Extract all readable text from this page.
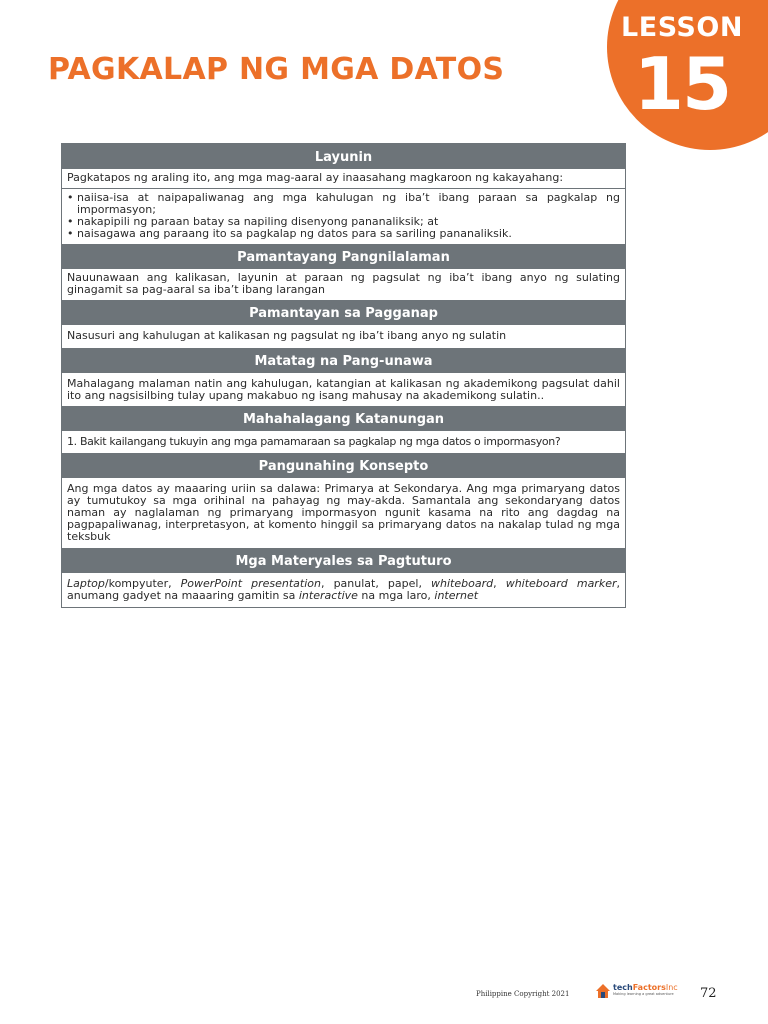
LESSON
15
PAGKALAP NG MGA DATOS
Layunin
Pagkatapos ng araling ito, ang mga mag-aaral ay inaasahang magkaroon ng kakayahang:
• naiisa-isa at naipapaliwanag ang mga kahulugan ng iba’t ibang paraan sa pagkalap ng impormasyon;
• nakapipili ng paraan batay sa napiling disenyong pananaliksik; at
• naisagawa ang paraang ito sa pagkalap ng datos para sa sariling pananaliksik.
Pamantayang Pangnilalaman
Nauunawaan ang kalikasan, layunin at paraan ng pagsulat ng iba’t ibang anyo ng sulating ginagamit sa pag-aaral sa iba’t ibang larangan
Pamantayan sa Pagganap
Nasusuri ang kahulugan at kalikasan ng pagsulat ng iba’t ibang anyo ng sulatin
Matatag na Pang-unawa
Mahalagang malaman natin ang kahulugan, katangian at kalikasan ng akademikong pagsulat dahil ito ang nagsisilbing tulay upang makabuo ng isang mahusay na akademikong sulatin..
Mahahalagang Katanungan
1. Bakit kailangang tukuyin ang mga pamamaraan sa pagkalap ng mga datos o impormasyon?
Pangunahing Konsepto
Ang mga datos ay maaaring uriin sa dalawa: Primarya at Sekondarya. Ang mga primaryang datos ay tumutukoy sa mga orihinal na pahayag ng may-akda. Samantala ang sekondaryang datos naman ay naglalaman ng primaryang impormasyon ngunit kasama na rito ang dagdag na pagpapaliwanag, interpretasyon, at komento hinggil sa primaryang datos na nakalap tulad ng mga teksbuk
Mga Materyales sa Pagtuturo
Laptop/kompyuter, PowerPoint presentation, panulat, papel, whiteboard, whiteboard marker, anumang gadyet na maaaring gamitin sa interactive na mga laro, internet
Philippine Copyright 2021
techFactorsInc
Making learning a great adventure 72
